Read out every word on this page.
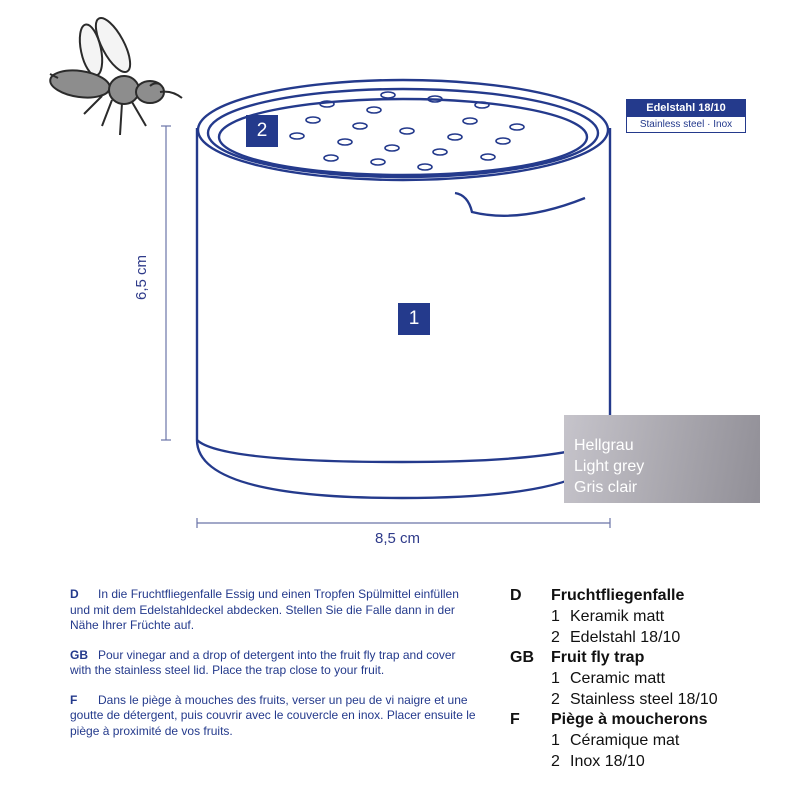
1
2
6,5 cm
8,5 cm
Edelstahl 18/10
Stainless steel · Inox
Hellgrau
Light grey
Gris clair
D In die Fruchtfliegenfalle Essig und einen Tropfen Spülmittel einfüllen und mit dem Edelstahldeckel abdecken. Stellen Sie die Falle dann in der Nähe Ihrer Früchte auf.
GB Pour vinegar and a drop of detergent into the fruit fly trap and cover with the stainless steel lid. Place the trap close to your fruit.
F Dans le piège à mouches des fruits, verser un peu de vi naigre et une goutte de détergent, puis couvrir avec le couvercle en inox. Placer ensuite le piège à proximité de vos fruits.
D	Fruchtfliegenfalle
1 Keramik matt
2 Edelstahl 18/10
GB	Fruit fly trap
1 Ceramic matt
2 Stainless steel 18/10
F	Piège à moucherons
1 Céramique mat
2 Inox 18/10
